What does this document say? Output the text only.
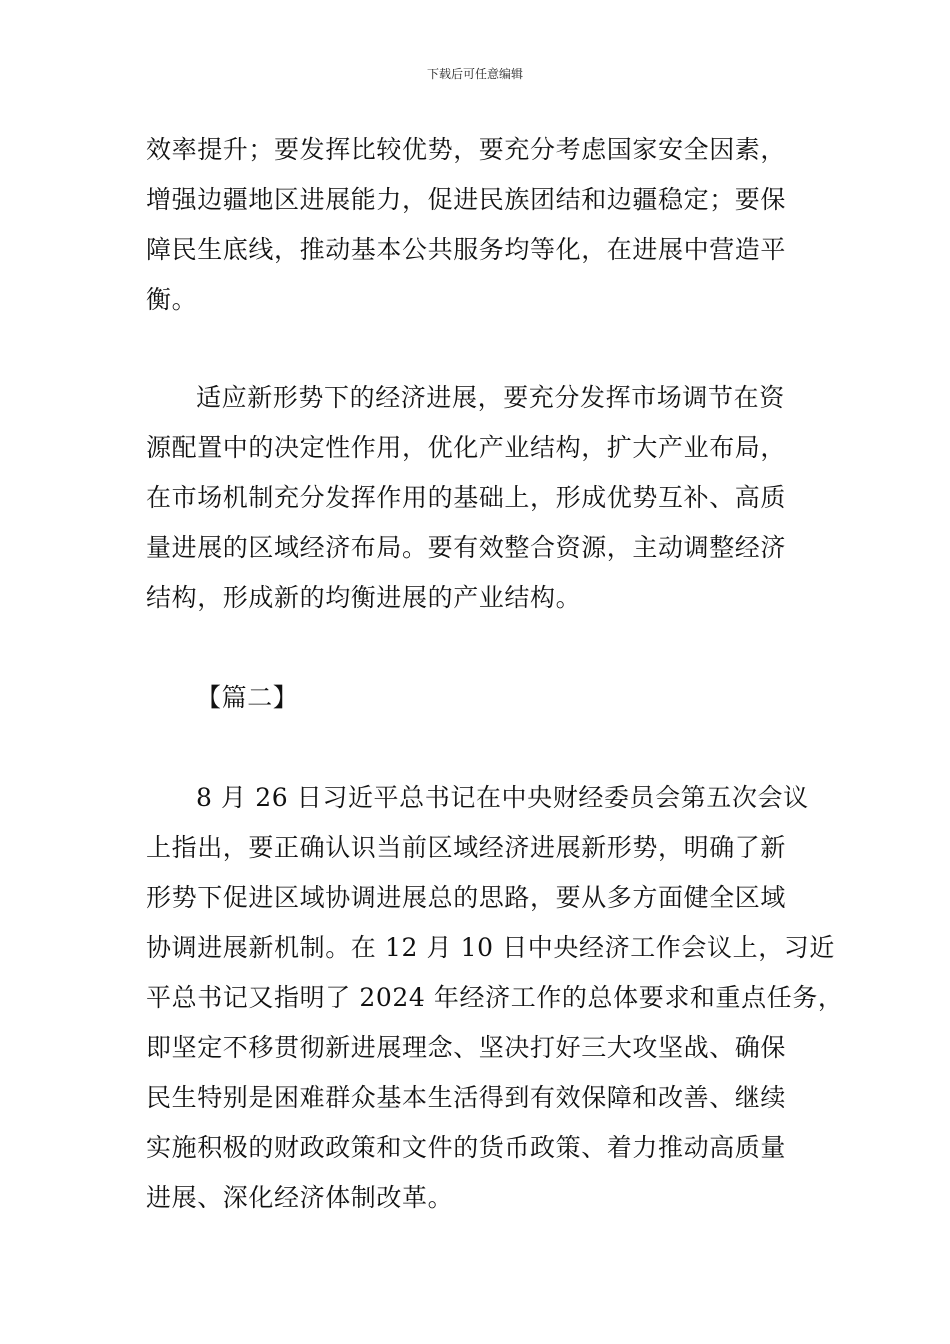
下载后可任意编辑
效率提升；要发挥比较优势，要充分考虑国家安全因素，
增强边疆地区进展能力，促进民族团结和边疆稳定；要保
障民生底线，推动基本公共服务均等化，在进展中营造平
衡。
适应新形势下的经济进展，要充分发挥市场调节在资
源配置中的决定性作用，优化产业结构，扩大产业布局，
在市场机制充分发挥作用的基础上，形成优势互补、高质
量进展的区域经济布局。要有效整合资源，主动调整经济
结构，形成新的均衡进展的产业结构。
【篇二】
8 月 26 日习近平总书记在中央财经委员会第五次会议
上指出，要正确认识当前区域经济进展新形势，明确了新
形势下促进区域协调进展总的思路，要从多方面健全区域
协调进展新机制。在 12 月 10 日中央经济工作会议上，习近
平总书记又指明了 2024 年经济工作的总体要求和重点任务，
即坚定不移贯彻新进展理念、坚决打好三大攻坚战、确保
民生特别是困难群众基本生活得到有效保障和改善、继续
实施积极的财政政策和文件的货币政策、着力推动高质量
进展、深化经济体制改革。
